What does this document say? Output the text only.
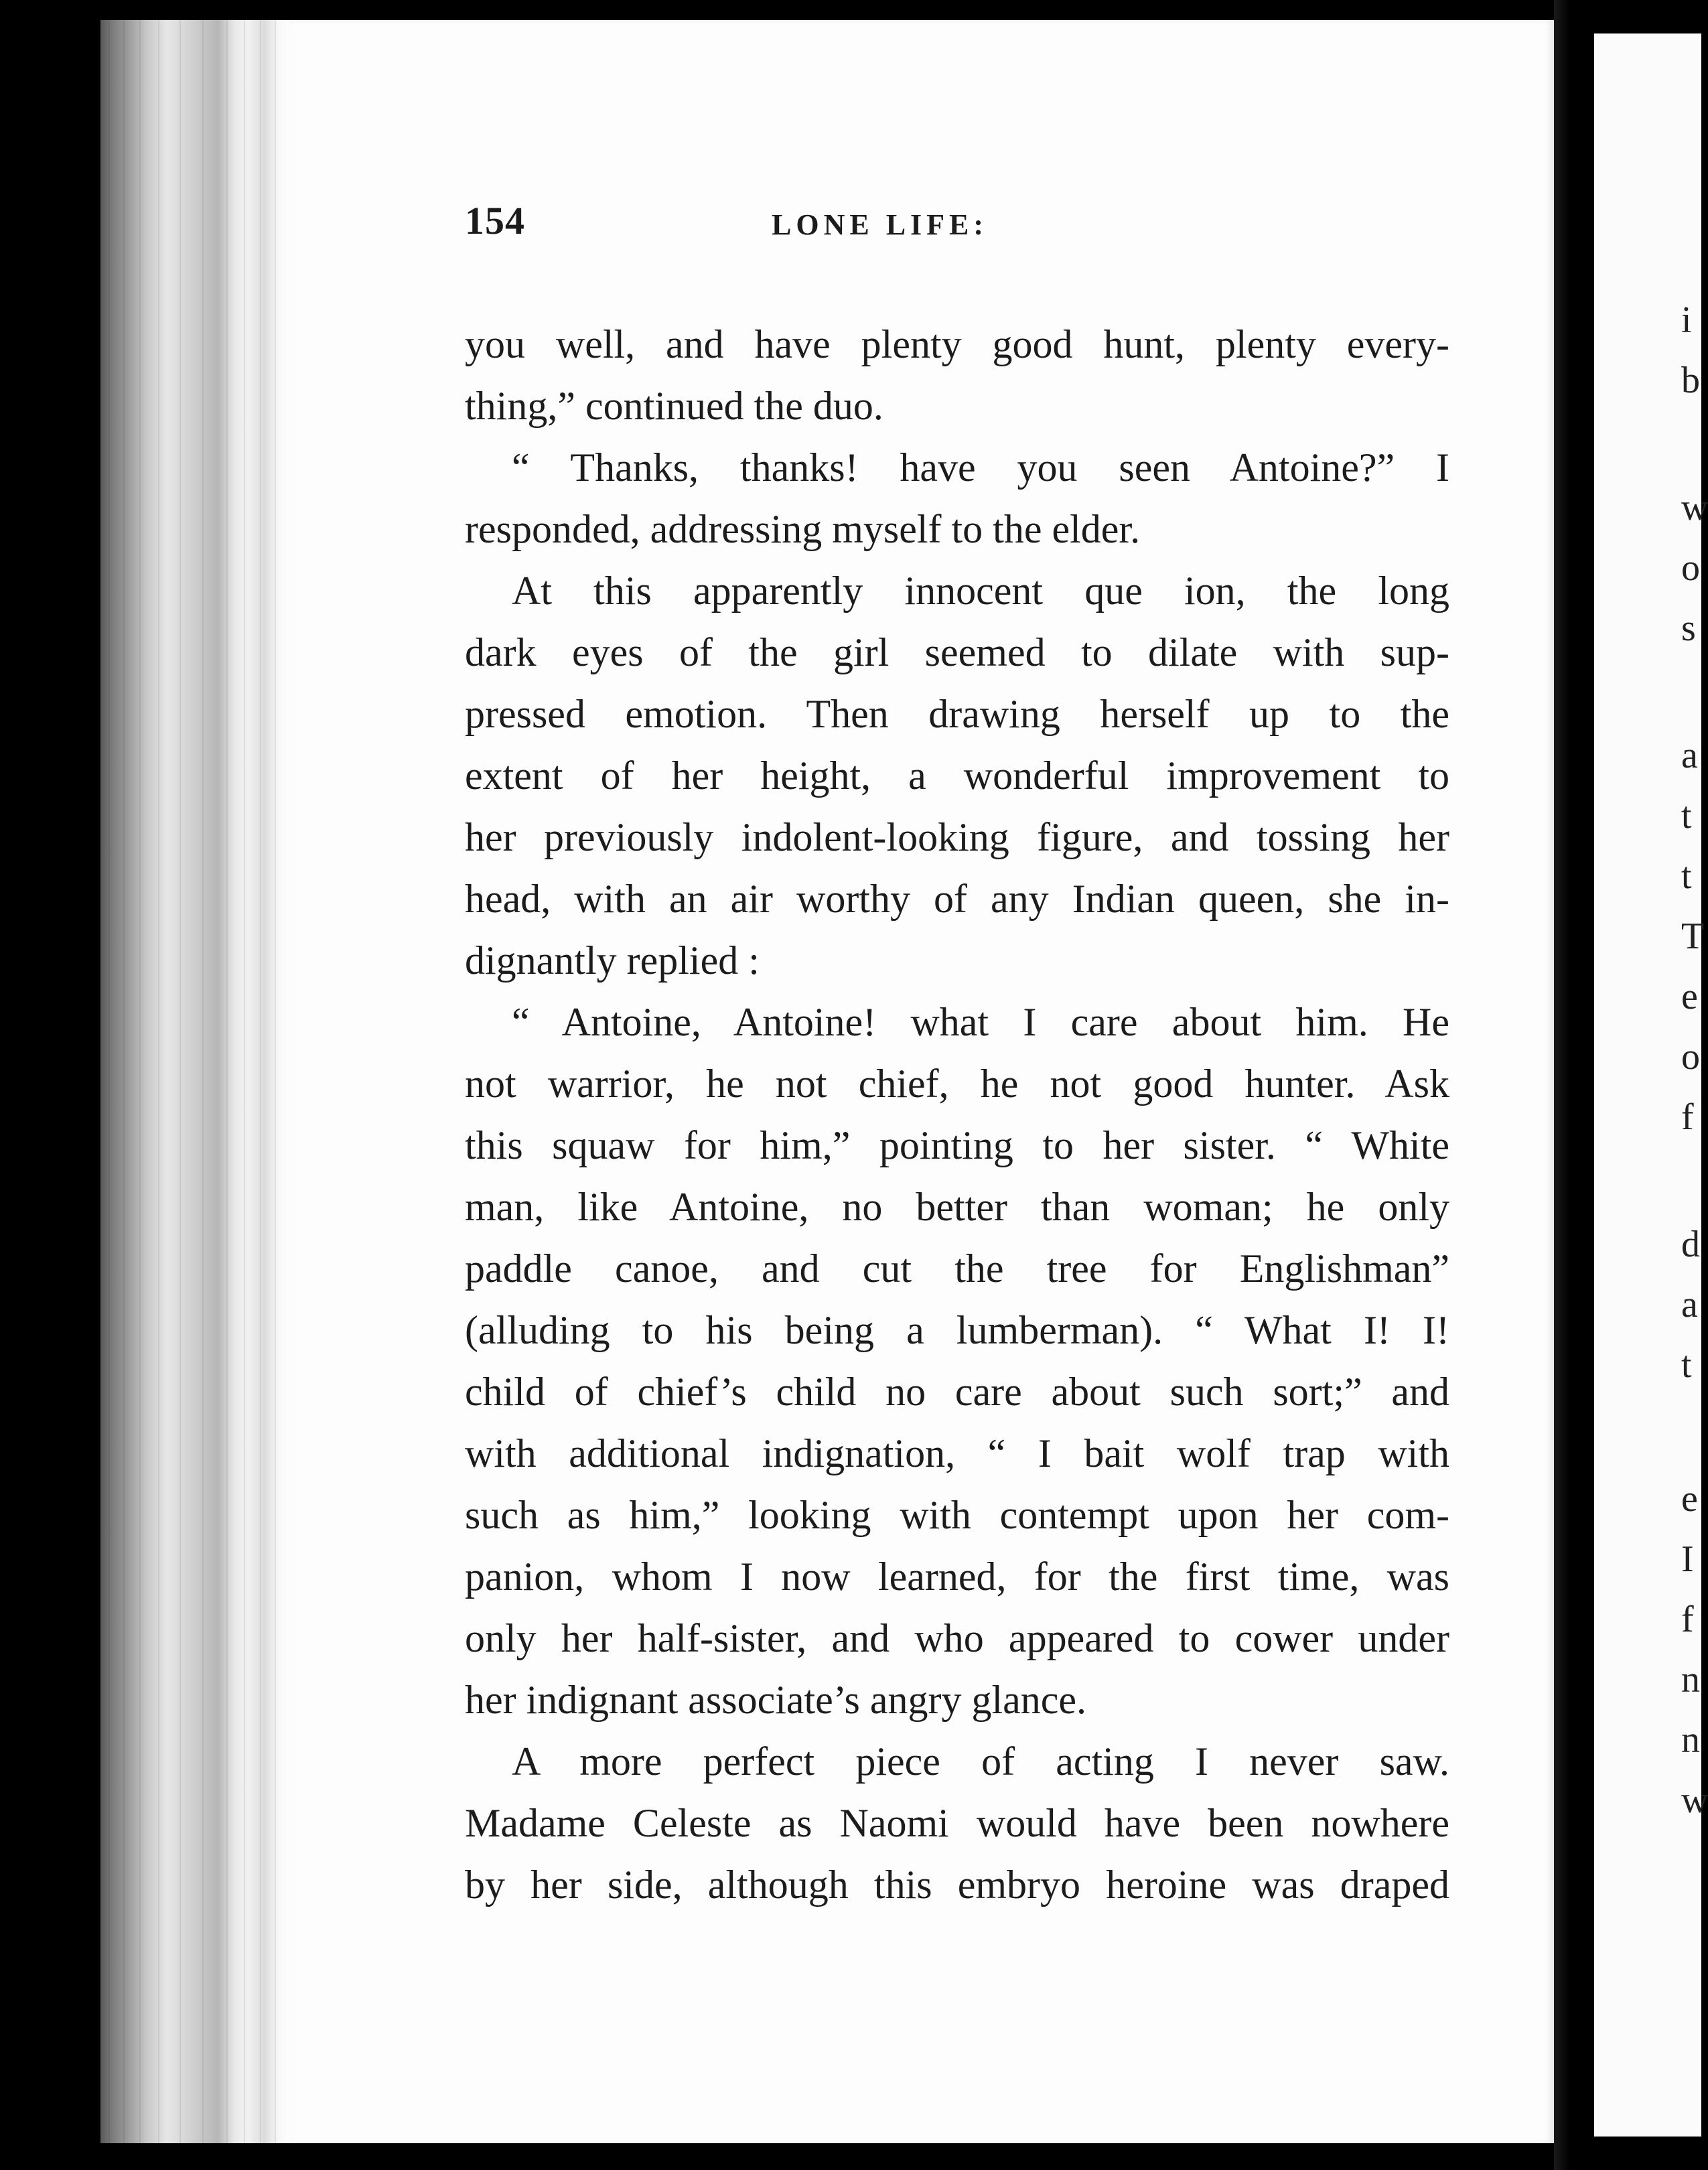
154	LONE LIFE:
you well, and have plenty good hunt, plenty every-
thing,” continued the duo.
“ Thanks, thanks! have you seen Antoine?” I
responded, addressing myself to the elder.
At this apparently innocent que ion, the long
dark eyes of the girl seemed to dilate with sup-
pressed emotion. Then drawing herself up to the
extent of her height, a wonderful improvement to
her previously indolent-looking figure, and tossing her
head, with an air worthy of any Indian queen, she in-
dignantly replied :
“ Antoine, Antoine! what I care about him. He
not warrior, he not chief, he not good hunter. Ask
this squaw for him,” pointing to her sister. “ White
man, like Antoine, no better than woman; he only
paddle canoe, and cut the tree for Englishman”
(alluding to his being a lumberman). “ What I! I!
child of chief’s child no care about such sort;” and
with additional indignation, “ I bait wolf trap with
such as him,” looking with contempt upon her com-
panion, whom I now learned, for the first time, was
only her half-sister, and who appeared to cower under
her indignant associate’s angry glance.
A more perfect piece of acting I never saw.
Madame Celeste as Naomi would have been nowhere
by her side, although this embryo heroine was draped
i
b
w
o
s
a
t
t
T
e
o
f
d
a
t
e
I
f
n
n
w
